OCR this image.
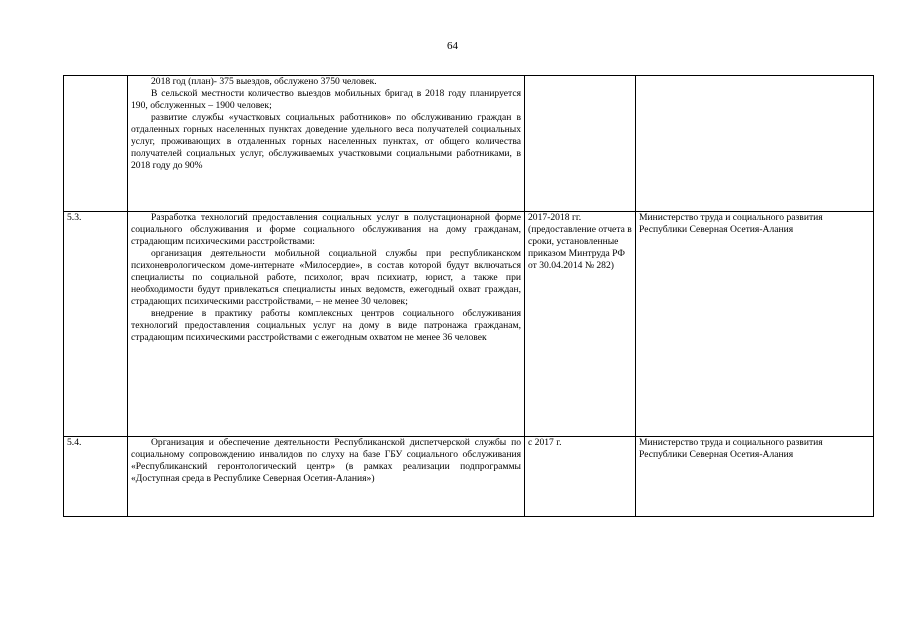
64

	2018 год (план)- 375 выездов, обслужено 3750 человек.

В сельской местности количество выездов мобильных бригад в 2018 году планируется 190, обслуженных – 1900 человек;

развитие службы «участковых социальных работников» по обслуживанию граждан в отдаленных горных населенных пунктах доведение удельного веса получателей социальных услуг, проживающих в отдаленных горных населенных пунктах, от общего количества получателей социальных услуг, обслуживаемых участковыми социальными работниками, в 2018 году до 90%		

5.3.	Разработка технологий предоставления социальных услуг в полустационарной форме социального обслуживания и форме социального обслуживания на дому гражданам, страдающим психическими расстройствами:

организация деятельности мобильной социальной службы при республиканском психоневрологическом доме-интернате «Милосердие», в состав которой будут включаться специалисты по социальной работе, психолог, врач психиатр, юрист, а также при необходимости будут привлекаться специалисты иных ведомств, ежегодный охват граждан, страдающих психическими расстройствами, – не менее 30 человек;

внедрение в практику работы комплексных центров социального обслуживания технологий предоставления социальных услуг на дому в виде патронажа гражданам, страдающим психическими расстройствами с ежегодным охватом не менее 36 человек	2017-2018 гг. (предоставление отчета в сроки, установленные приказом Минтруда РФ от 30.04.2014 № 282)	Министерство труда и социального развития Республики Северная Осетия-Алания
5.4.	Организация и обеспечение деятельности Республиканской диспетчерской службы по социальному сопровождению инвалидов по слуху на базе ГБУ социального обслуживания «Республиканский геронтологический центр» (в рамках реализации подпрограммы «Доступная среда в Республике Северная Осетия-Алания»)	с 2017 г.	Министерство труда и социального развития Республики Северная Осетия-Алания
